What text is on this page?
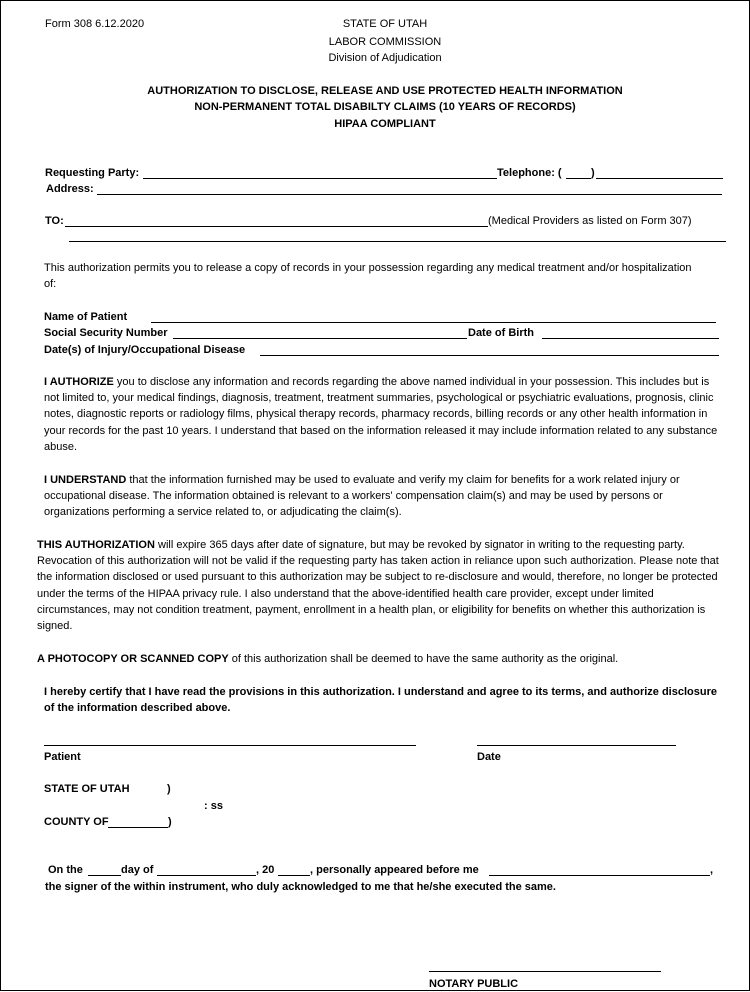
Form 308 6.12.2020	STATE OF UTAH
LABOR COMMISSION
Division of Adjudication
AUTHORIZATION TO DISCLOSE, RELEASE AND USE PROTECTED HEALTH INFORMATION
NON-PERMANENT TOTAL DISABILTY CLAIMS (10 YEARS OF RECORDS)
HIPAA COMPLIANT
Requesting Party:	Telephone: (	)
Address:
TO:	(Medical Providers as listed on Form 307)
This authorization permits you to release a copy of records in your possession regarding any medical treatment and/or hospitalization of:
Name of Patient
Social Security Number	Date of Birth
Date(s) of Injury/Occupational Disease
I AUTHORIZE you to disclose any information and records regarding the above named individual in your possession. This includes but is not limited to, your medical findings, diagnosis, treatment, treatment summaries, psychological or psychiatric evaluations, prognosis, clinic notes, diagnostic reports or radiology films, physical therapy records, pharmacy records, billing records or any other health information in your records for the past 10 years. I understand that based on the information released it may include information related to any substance abuse.
I UNDERSTAND that the information furnished may be used to evaluate and verify my claim for benefits for a work related injury or occupational disease. The information obtained is relevant to a workers' compensation claim(s) and may be used by persons or organizations performing a service related to, or adjudicating the claim(s).
THIS AUTHORIZATION will expire 365 days after date of signature, but may be revoked by signator in writing to the requesting party. Revocation of this authorization will not be valid if the requesting party has taken action in reliance upon such authorization. Please note that the information disclosed or used pursuant to this authorization may be subject to re-disclosure and would, therefore, no longer be protected under the terms of the HIPAA privacy rule. I also understand that the above-identified health care provider, except under limited circumstances, may not condition treatment, payment, enrollment in a health plan, or eligibility for benefits on whether this authorization is signed.
A PHOTOCOPY OR SCANNED COPY of this authorization shall be deemed to have the same authority as the original.
I hereby certify that I have read the provisions in this authorization. I understand and agree to its terms, and authorize disclosure of the information described above.
Patient	Date
STATE OF UTAH	)
: ss
COUNTY OF	)
On the	day of	, 20	, personally appeared before me	,
the signer of the within instrument, who duly acknowledged to me that he/she executed the same.
NOTARY PUBLIC
